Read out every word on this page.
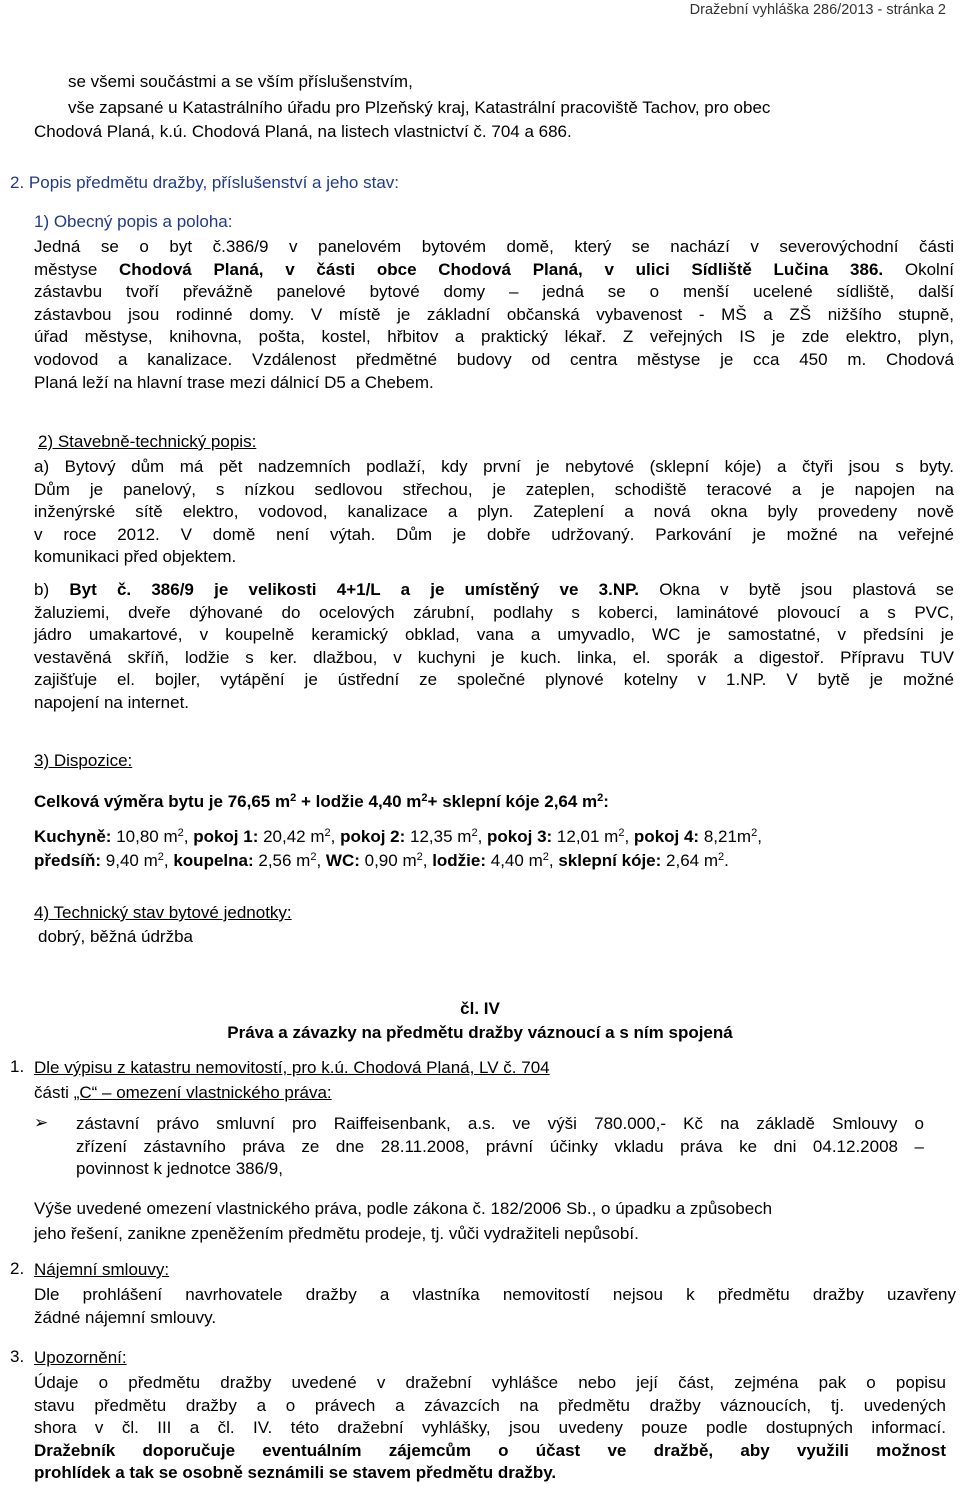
Dražební vyhláška 286/2013 - stránka 2
se všemi součástmi a se vším příslušenstvím,
vše zapsané u Katastrálního úřadu pro Plzeňský kraj, Katastrální pracoviště Tachov, pro obec
Chodová Planá, k.ú. Chodová Planá, na listech vlastnictví č. 704 a 686.
2. Popis předmětu dražby, příslušenství a jeho stav:
1) Obecný popis a poloha:
Jedná se o byt č.386/9 v panelovém bytovém domě, který se nachází v severovýchodní části
městyse Chodová Planá, v části obce Chodová Planá, v ulici Sídliště Lučina 386. Okolní
zástavbu tvoří převážně panelové bytové domy – jedná se o menší ucelené sídliště, další
zástavbou jsou rodinné domy. V místě je základní občanská vybavenost - MŠ a ZŠ nižšího stupně,
úřad městyse, knihovna, pošta, kostel, hřbitov a praktický lékař. Z veřejných IS je zde elektro, plyn,
vodovod a kanalizace. Vzdálenost předmětné budovy od centra městyse je cca 450 m. Chodová
Planá leží na hlavní trase mezi dálnicí D5 a Chebem.
2) Stavebně-technický popis:
a) Bytový dům má pět nadzemních podlaží, kdy první je nebytové (sklepní kóje) a čtyři jsou s byty.
Dům je panelový, s nízkou sedlovou střechou, je zateplen, schodiště teracové a je napojen na
inženýrské sítě elektro, vodovod, kanalizace a plyn. Zateplení a nová okna byly provedeny nově
v roce 2012. V domě není výtah. Dům je dobře udržovaný. Parkování je možné na veřejné
komunikaci před objektem.
b) Byt č. 386/9 je velikosti 4+1/L a je umístěný ve 3.NP. Okna v bytě jsou plastová se
žaluziemi, dveře dýhované do ocelových zárubní, podlahy s koberci, laminátové plovoucí a s PVC,
jádro umakartové, v koupelně keramický obklad, vana a umyvadlo, WC je samostatné, v předsíni je
vestavěná skříň, lodžie s ker. dlažbou, v kuchyni je kuch. linka, el. sporák a digestoř. Přípravu TUV
zajišťuje el. bojler, vytápění je ústřední ze společné plynové kotelny v 1.NP. V bytě je možné
napojení na internet.
3) Dispozice:
Celková výměra bytu je 76,65 $m^2$ + lodžie 4,40 $m^2+$ sklepní kóje 2,64 $m^2$:
Kuchyně: 10,80 $m^2$, pokoj 1: 20,42 $m^2$, pokoj 2: 12,35 $m^2$, pokoj 3: 12,01 $m^2$, pokoj 4: $8,21m^2$,
předsíň: 9,40 $m^2$, koupelna: 2,56 $m^2$, WC: 0,90 $m^2$, lodžie: 4,40 $m^2$, sklepní kóje: 2,64 $m^2$.
4) Technický stav bytové jednotky:
dobrý, běžná údržba
čl. IV
Práva a závazky na předmětu dražby váznoucí a s ním spojená
1. Dle výpisu z katastru nemovitostí, pro k.ú. Chodová Planá, LV č. 704
části „C“ – omezení vlastnického práva:
➢ zástavní právo smluvní pro Raiffeisenbank, a.s. ve výši 780.000,- Kč na základě Smlouvy o
zřízení zástavního práva ze dne 28.11.2008, právní účinky vkladu práva ke dni 04.12.2008 –
povinnost k jednotce 386/9,
Výše uvedené omezení vlastnického práva, podle zákona č. 182/2006 Sb., o úpadku a způsobech
jeho řešení, zanikne zpeněžením předmětu prodeje, tj. vůči vydražiteli nepůsobí.
2. Nájemní smlouvy:
Dle prohlášení navrhovatele dražby a vlastníka nemovitostí nejsou k předmětu dražby uzavřeny
žádné nájemní smlouvy.
3. Upozornění:
Údaje o předmětu dražby uvedené v dražební vyhlášce nebo její část, zejména pak o popisu
stavu předmětu dražby a o právech a závazcích na předmětu dražby váznoucích, tj. uvedených
shora v čl. III a čl. IV. této dražební vyhlášky, jsou uvedeny pouze podle dostupných informací.
Dražebník doporučuje eventuálním zájemcům o účast ve dražbě, aby využili možnost
prohlídek a tak se osobně seznámili se stavem předmětu dražby.
